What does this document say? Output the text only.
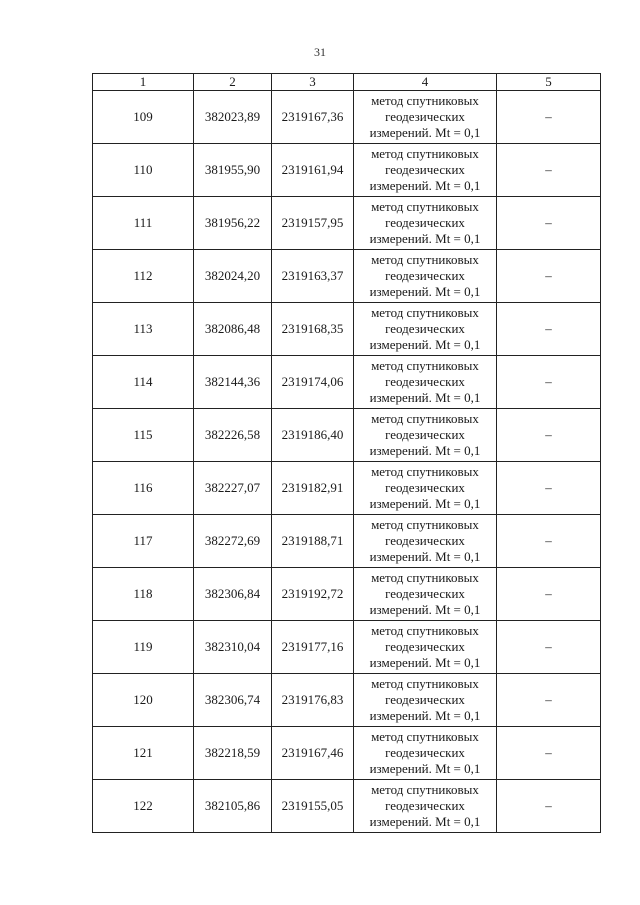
31
1	2	3	4	5
109	382023,89	2319167,36	метод спутниковых
геодезических
измерений. Mt = 0,1	–
110	381955,90	2319161,94	метод спутниковых
геодезических
измерений. Mt = 0,1	–
111	381956,22	2319157,95	метод спутниковых
геодезических
измерений. Mt = 0,1	–
112	382024,20	2319163,37	метод спутниковых
геодезических
измерений. Mt = 0,1	–
113	382086,48	2319168,35	метод спутниковых
геодезических
измерений. Mt = 0,1	–
114	382144,36	2319174,06	метод спутниковых
геодезических
измерений. Mt = 0,1	–
115	382226,58	2319186,40	метод спутниковых
геодезических
измерений. Mt = 0,1	–
116	382227,07	2319182,91	метод спутниковых
геодезических
измерений. Mt = 0,1	–
117	382272,69	2319188,71	метод спутниковых
геодезических
измерений. Mt = 0,1	–
118	382306,84	2319192,72	метод спутниковых
геодезических
измерений. Mt = 0,1	–
119	382310,04	2319177,16	метод спутниковых
геодезических
измерений. Mt = 0,1	–
120	382306,74	2319176,83	метод спутниковых
геодезических
измерений. Mt = 0,1	–
121	382218,59	2319167,46	метод спутниковых
геодезических
измерений. Mt = 0,1	–
122	382105,86	2319155,05	метод спутниковых
геодезических
измерений. Mt = 0,1	–
